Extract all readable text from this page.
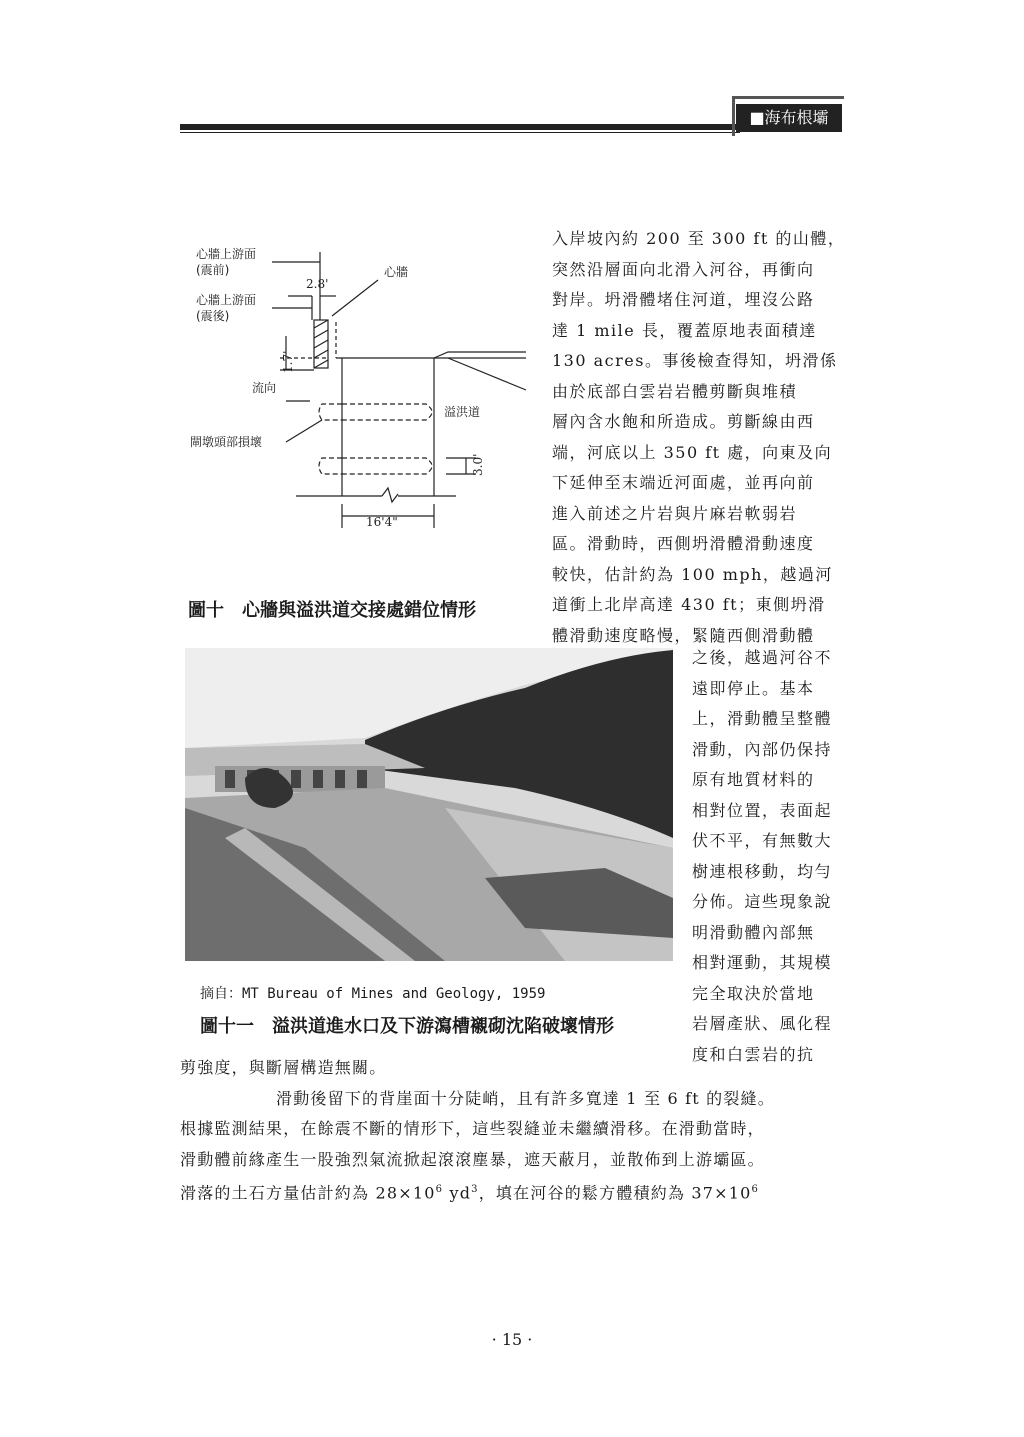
■海布根壩
心牆上游面
(震前)
心牆上游面
(震後)
心牆
2.8'
1.7'
流向
溢洪道
閘墩頭部損壞
3.0'
16'4"
圖十　心牆與溢洪道交接處錯位情形
摘自：MT Bureau of Mines and Geology, 1959
圖十一　溢洪道進水口及下游瀉槽襯砌沈陷破壞情形

入岸坡內約 200 至 300 ft 的山體，

突然沿層面向北滑入河谷，再衝向

對岸。坍滑體堵住河道，埋沒公路

達 1 mile 長，覆蓋原地表面積達

130 acres。事後檢查得知，坍滑係

由於底部白雲岩岩體剪斷與堆積

層內含水飽和所造成。剪斷線由西

端，河底以上 350 ft 處，向東及向

下延伸至末端近河面處，並再向前

進入前述之片岩與片麻岩軟弱岩

區。滑動時，西側坍滑體滑動速度

較快，估計約為 100 mph，越過河

道衝上北岸高達 430 ft；東側坍滑

體滑動速度略慢，緊隨西側滑動體

之後，越過河谷不

遠即停止。基本

上，滑動體呈整體

滑動，內部仍保持

原有地質材料的

相對位置，表面起

伏不平，有無數大

樹連根移動，均勻

分佈。這些現象說

明滑動體內部無

相對運動，其規模

完全取決於當地

岩層產狀、風化程

度和白雲岩的抗

剪強度，與斷層構造無關。

滑動後留下的背崖面十分陡峭，且有許多寬達 1 至 6 ft 的裂縫。

根據監測結果，在餘震不斷的情形下，這些裂縫並未繼續滑移。在滑動當時，

滑動體前緣產生一股強烈氣流掀起滾滾塵暴，遮天蔽月，並散佈到上游壩區。

滑落的土石方量估計約為 $28\times 10^6$ $yd^3$，填在河谷的鬆方體積約為 $37\times 10^6$

· 15 ·
